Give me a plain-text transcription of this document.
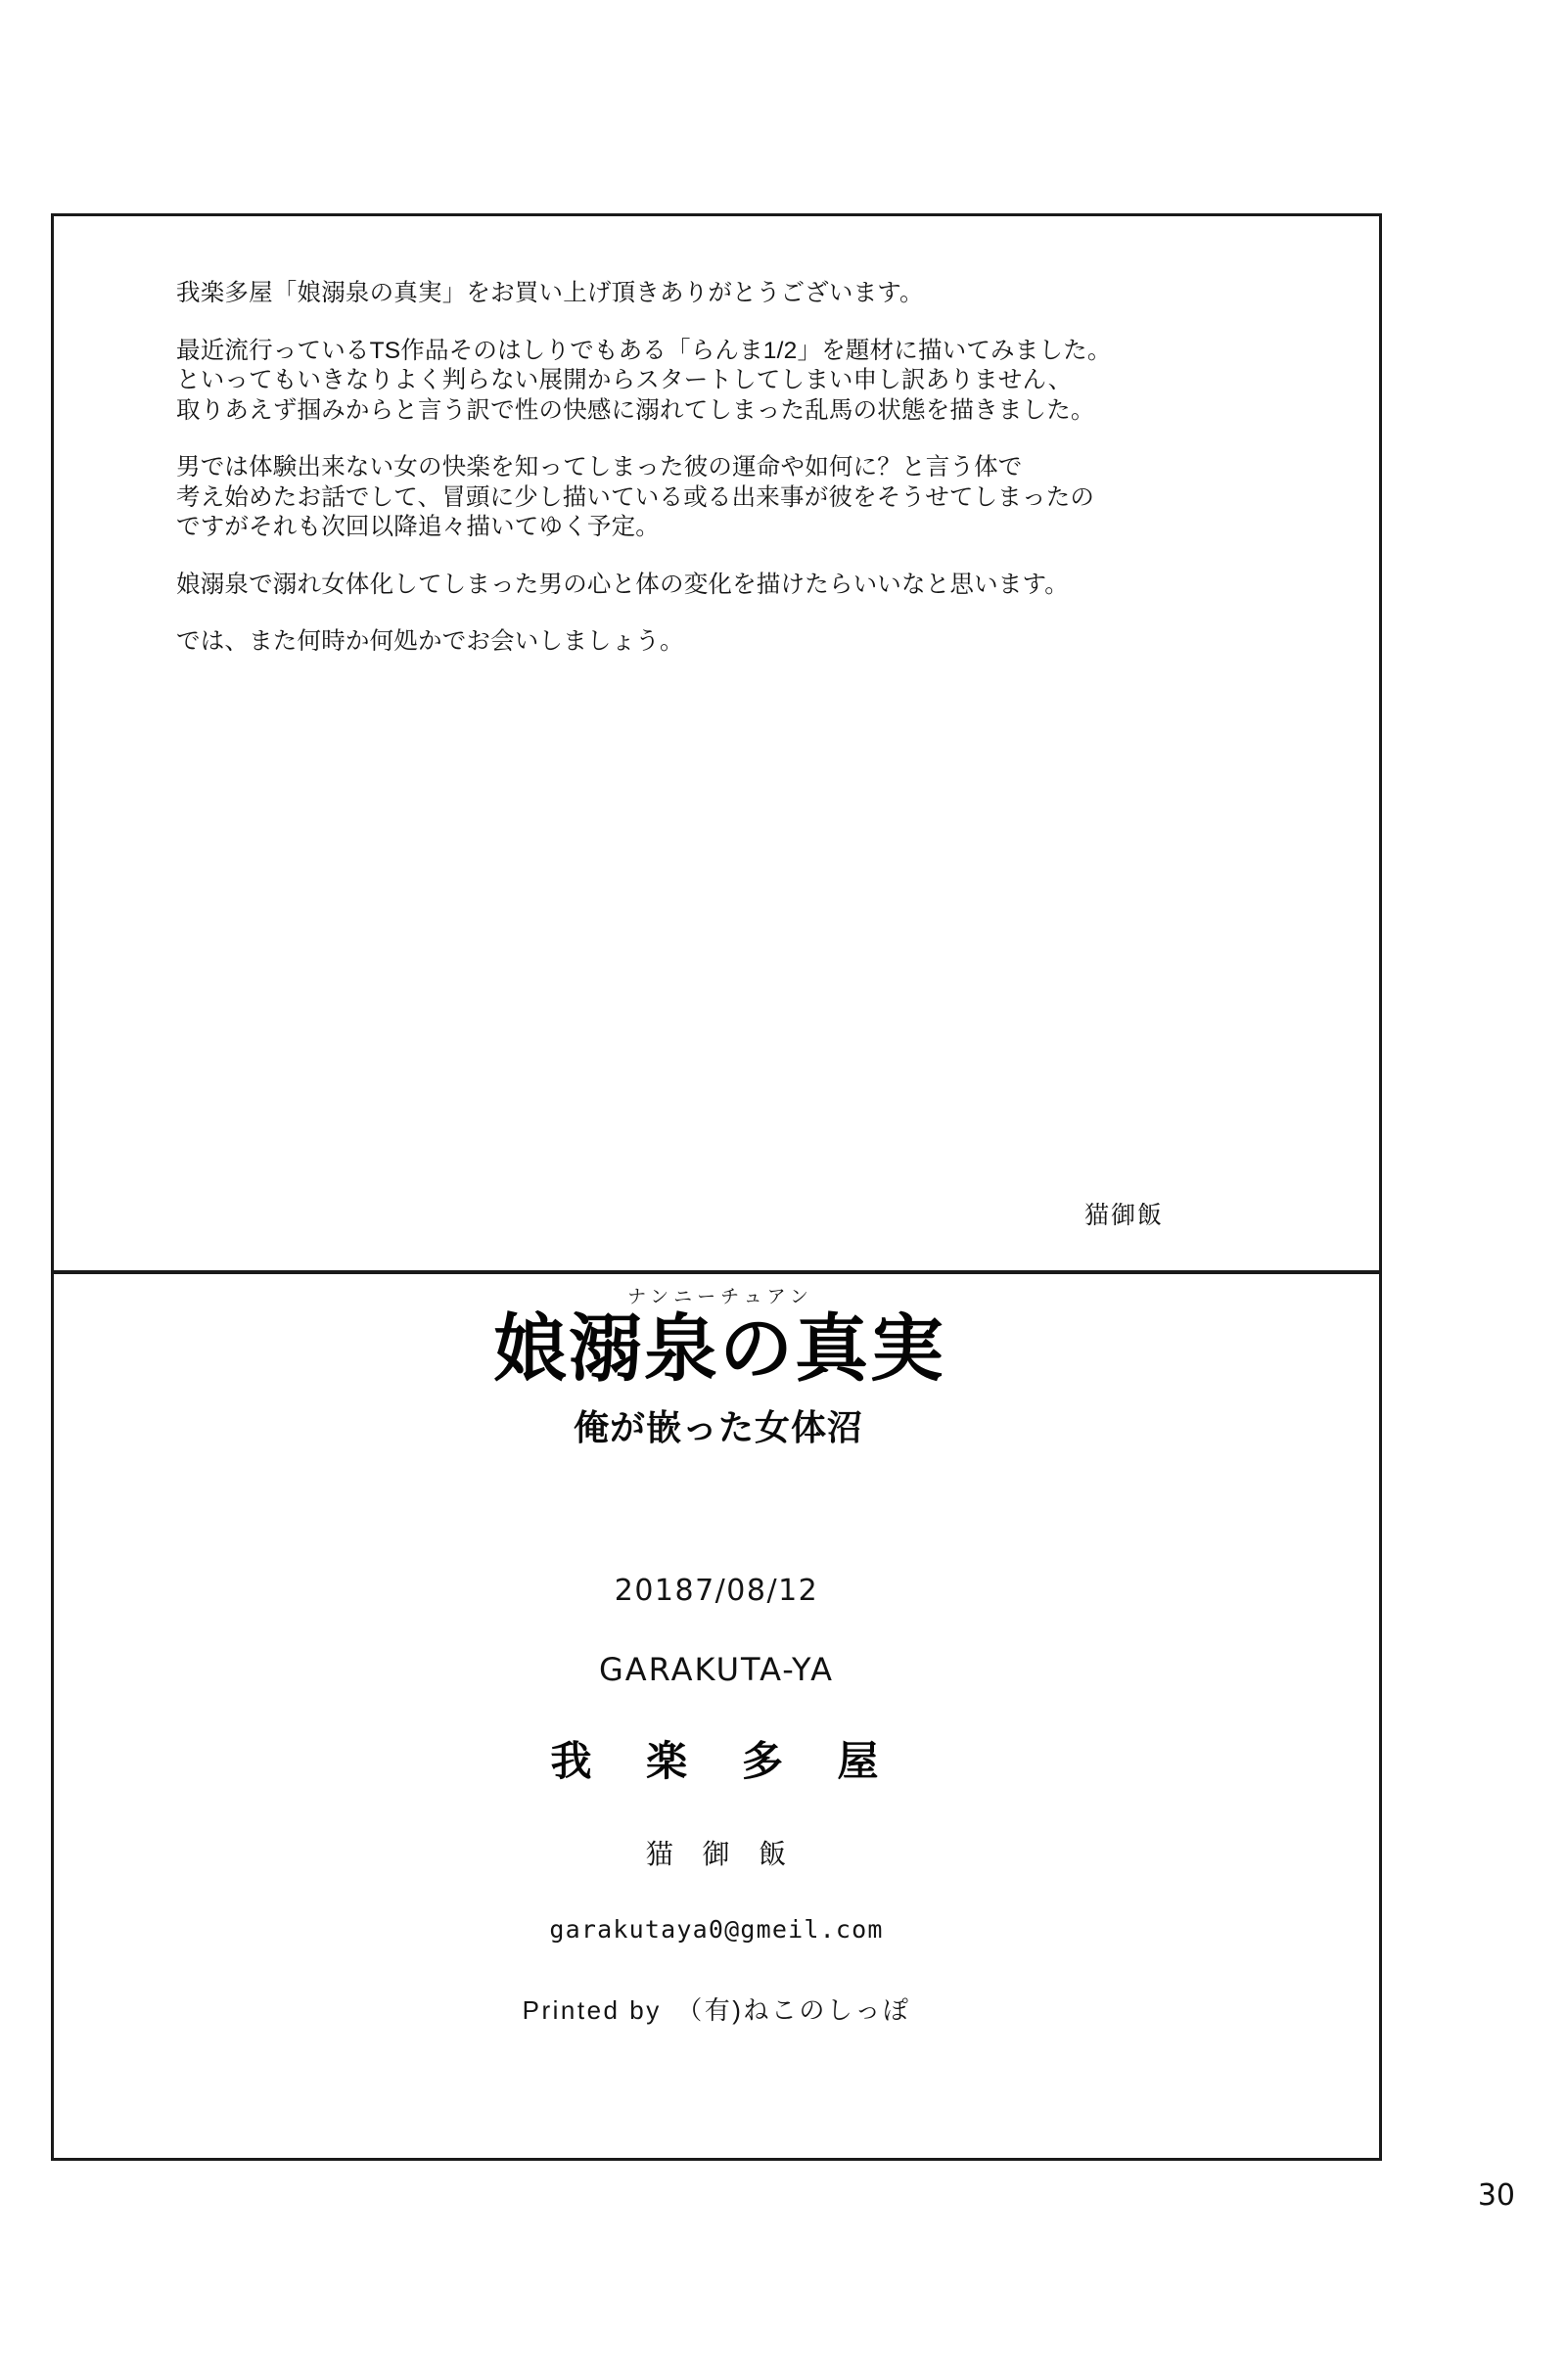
我楽多屋「娘溺泉の真実」をお買い上げ頂きありがとうございます。
最近流行っているTS作品そのはしりでもある「らんま1/2」を題材に描いてみました。
といってもいきなりよく判らない展開からスタートしてしまい申し訳ありません、
取りあえず掴みからと言う訳で性の快感に溺れてしまった乱馬の状態を描きました。
男では体験出来ない女の快楽を知ってしまった彼の運命や如何に？と言う体で
考え始めたお話でして、冒頭に少し描いている或る出来事が彼をそうせてしまったの
ですがそれも次回以降追々描いてゆく予定。
娘溺泉で溺れ女体化してしまった男の心と体の変化を描けたらいいなと思います。
では、また何時か何処かでお会いしましょう。
猫御飯
ナンニーチュアン
娘溺泉の真実
俺が嵌った女体沼
20187/08/12
GARAKUTA-YA
我 楽 多 屋
猫 御 飯
garakutaya0@gmeil.com
Printed by　（有)ねこのしっぽ
30
